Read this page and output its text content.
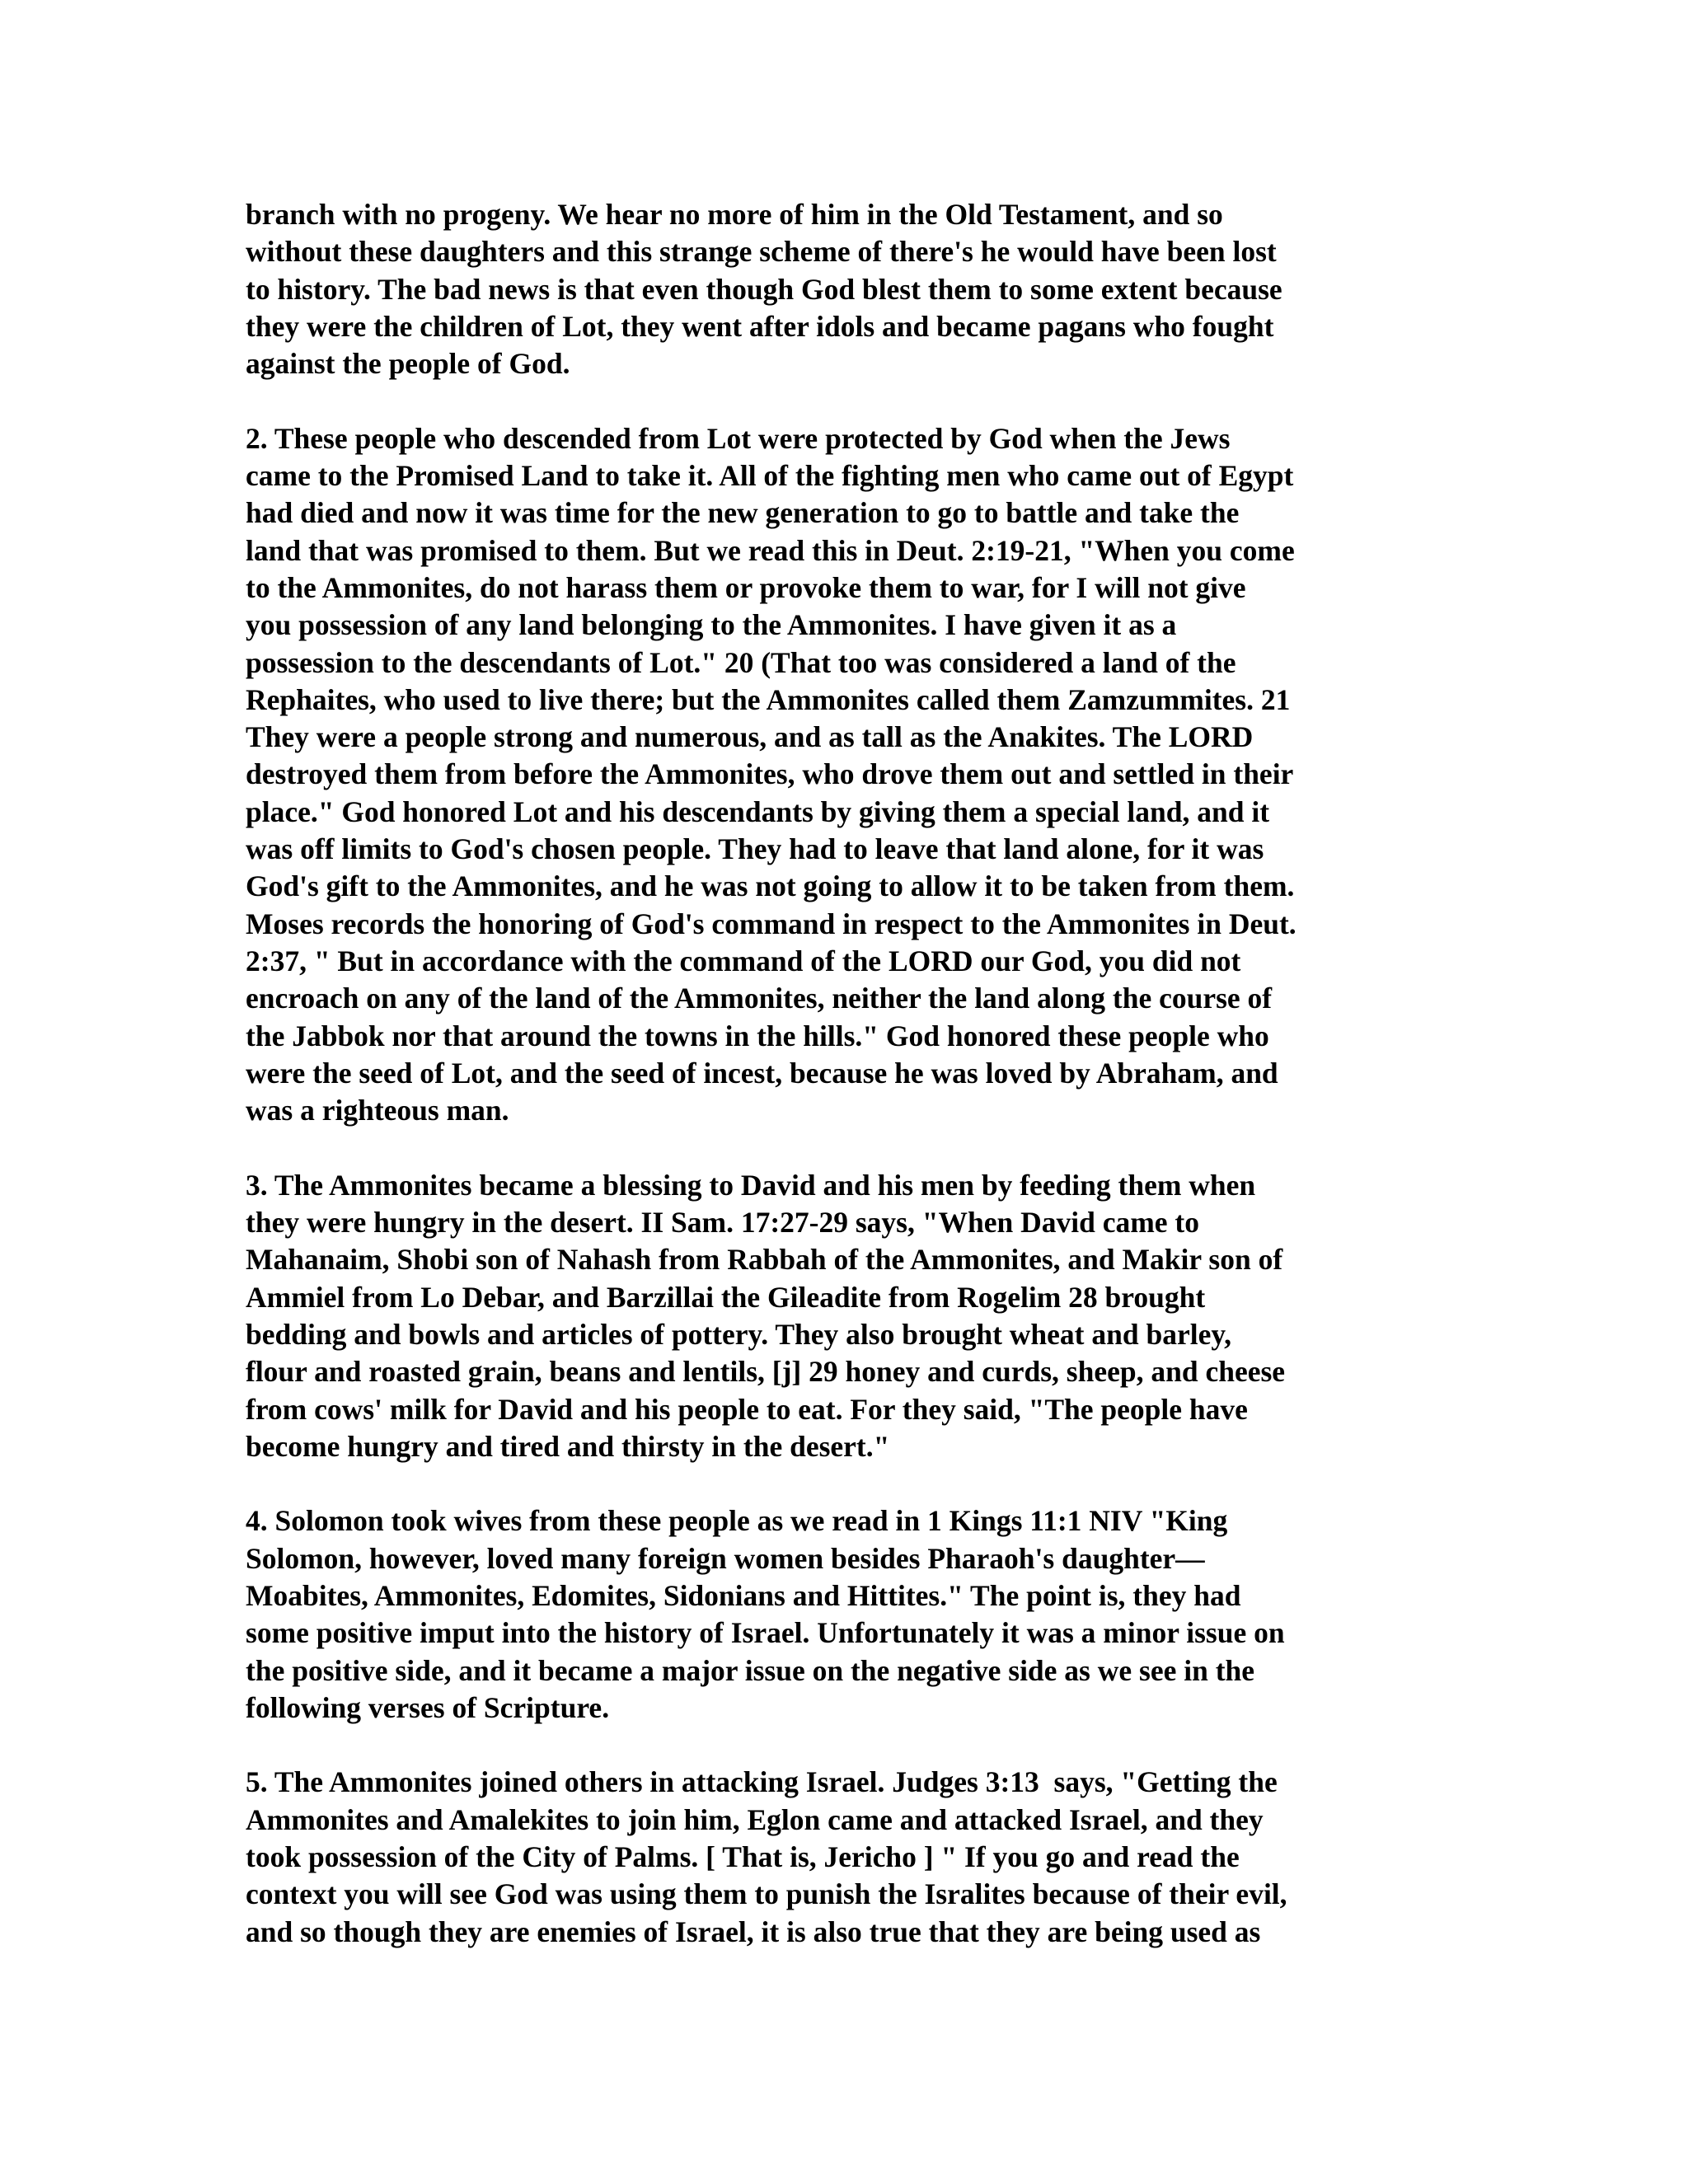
branch with no progeny. We hear no more of him in the Old Testament, and so
without these daughters and this strange scheme of there's he would have been lost
to history. The bad news is that even though God blest them to some extent because
they were the children of Lot, they went after idols and became pagans who fought
against the people of God.
2. These people who descended from Lot were protected by God when the Jews
came to the Promised Land to take it. All of the fighting men who came out of Egypt
had died and now it was time for the new generation to go to battle and take the
land that was promised to them. But we read this in Deut. 2:19-21, "When you come
to the Ammonites, do not harass them or provoke them to war, for I will not give
you possession of any land belonging to the Ammonites. I have given it as a
possession to the descendants of Lot." 20 (That too was considered a land of the
Rephaites, who used to live there; but the Ammonites called them Zamzummites. 21
They were a people strong and numerous, and as tall as the Anakites. The LORD
destroyed them from before the Ammonites, who drove them out and settled in their
place." God honored Lot and his descendants by giving them a special land, and it
was off limits to God's chosen people. They had to leave that land alone, for it was
God's gift to the Ammonites, and he was not going to allow it to be taken from them.
Moses records the honoring of God's command in respect to the Ammonites in Deut.
2:37, " But in accordance with the command of the LORD our God, you did not
encroach on any of the land of the Ammonites, neither the land along the course of
the Jabbok nor that around the towns in the hills." God honored these people who
were the seed of Lot, and the seed of incest, because he was loved by Abraham, and
was a righteous man.
3. The Ammonites became a blessing to David and his men by feeding them when
they were hungry in the desert. II Sam. 17:27-29 says, "When David came to
Mahanaim, Shobi son of Nahash from Rabbah of the Ammonites, and Makir son of
Ammiel from Lo Debar, and Barzillai the Gileadite from Rogelim 28 brought
bedding and bowls and articles of pottery. They also brought wheat and barley,
flour and roasted grain, beans and lentils, [j] 29 honey and curds, sheep, and cheese
from cows' milk for David and his people to eat. For they said, "The people have
become hungry and tired and thirsty in the desert."
4. Solomon took wives from these people as we read in 1 Kings 11:1 NIV "King
Solomon, however, loved many foreign women besides Pharaoh's daughter—
Moabites, Ammonites, Edomites, Sidonians and Hittites." The point is, they had
some positive imput into the history of Israel. Unfortunately it was a minor issue on
the positive side, and it became a major issue on the negative side as we see in the
following verses of Scripture.
5. The Ammonites joined others in attacking Israel. Judges 3:13  says, "Getting the
Ammonites and Amalekites to join him, Eglon came and attacked Israel, and they
took possession of the City of Palms. [ That is, Jericho ] " If you go and read the
context you will see God was using them to punish the Isralites because of their evil,
and so though they are enemies of Israel, it is also true that they are being used as
